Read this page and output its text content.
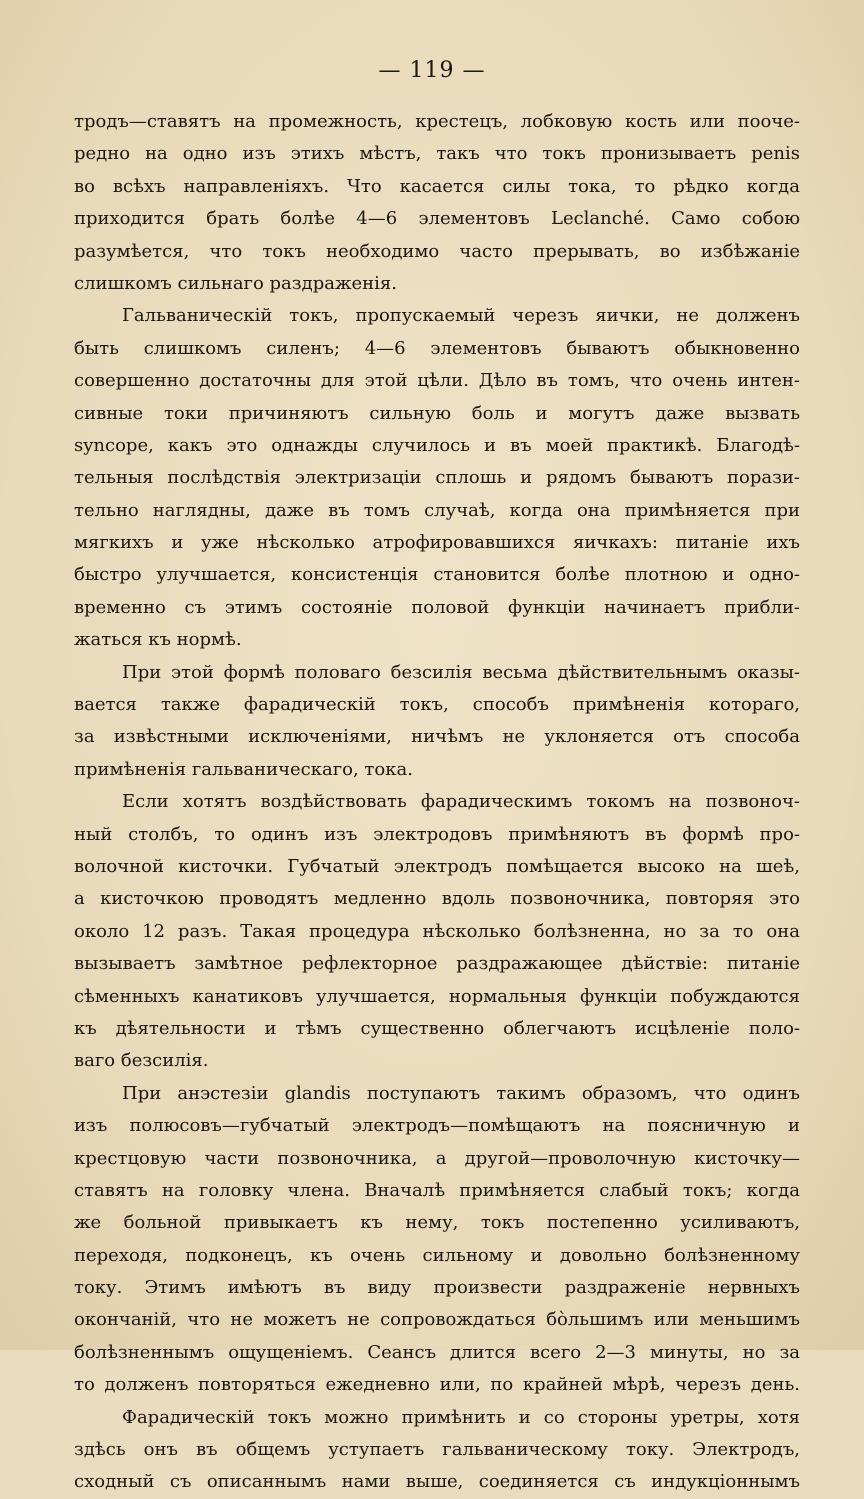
— 119 —
тродъ—ставятъ на промежность, крестецъ, лобковую кость или пооче-
редно на одно изъ этихъ мѣстъ, такъ что токъ пронизываетъ penis
во всѣхъ направленіяхъ. Что касается силы тока, то рѣдко когда
приходится брать болѣе 4—6 элементовъ Leclanché. Само собою
разумѣется, что токъ необходимо часто прерывать, во избѣжаніе
слишкомъ сильнаго раздраженія.
Гальваническій токъ, пропускаемый черезъ яички, не долженъ
быть слишкомъ силенъ; 4—6 элементовъ бываютъ обыкновенно
совершенно достаточны для этой цѣли. Дѣло въ томъ, что очень интен-
сивные токи причиняютъ сильную боль и могутъ даже вызвать
syncope, какъ это однажды случилось и въ моей практикѣ. Благодѣ-
тельныя послѣдствія электризаціи сплошь и рядомъ бываютъ порази-
тельно наглядны, даже въ томъ случаѣ, когда она примѣняется при
мягкихъ и уже нѣсколько атрофировавшихся яичкахъ: питаніе ихъ
быстро улучшается, консистенція становится болѣе плотною и одно-
временно съ этимъ состояніе половой функціи начинаетъ прибли-
жаться къ нормѣ.
При этой формѣ половаго безсилія весьма дѣйствительнымъ оказы-
вается также фарадическій токъ, способъ примѣненія котораго,
за извѣстными исключеніями, ничѣмъ не уклоняется отъ способа
примѣненія гальваническаго, тока.
Если хотятъ воздѣйствовать фарадическимъ токомъ на позвоноч-
ный столбъ, то одинъ изъ электродовъ примѣняютъ въ формѣ про-
волочной кисточки. Губчатый электродъ помѣщается высоко на шеѣ,
а кисточкою проводятъ медленно вдоль позвоночника, повторяя это
около 12 разъ. Такая процедура нѣсколько болѣзненна, но за то она
вызываетъ замѣтное рефлекторное раздражающее дѣйствіе: питаніе
сѣменныхъ канатиковъ улучшается, нормальныя функціи побуждаются
къ дѣятельности и тѣмъ существенно облегчаютъ исцѣленіе поло-
ваго безсилія.
При анэстезіи glandis поступаютъ такимъ образомъ, что одинъ
изъ полюсовъ—губчатый электродъ—помѣщаютъ на поясничную и
крестцовую части позвоночника, а другой—проволочную кисточку—
ставятъ на головку члена. Вначалѣ примѣняется слабый токъ; когда
же больной привыкаетъ къ нему, токъ постепенно усиливаютъ,
переходя, подконецъ, къ очень сильному и довольно болѣзненному
току. Этимъ имѣютъ въ виду произвести раздраженіе нервныхъ
окончаній, что не можетъ не сопровождаться бо̀льшимъ или меньшимъ
болѣзненнымъ ощущеніемъ. Сеансъ длится всего 2—3 минуты, но за
то долженъ повторяться ежедневно или, по крайней мѣрѣ, черезъ день.
Фарадическій токъ можно примѣнить и со стороны уретры, хотя
здѣсь онъ въ общемъ уступаетъ гальваническому току. Электродъ,
сходный съ описаннымъ нами выше, соединяется съ индукціоннымъ
